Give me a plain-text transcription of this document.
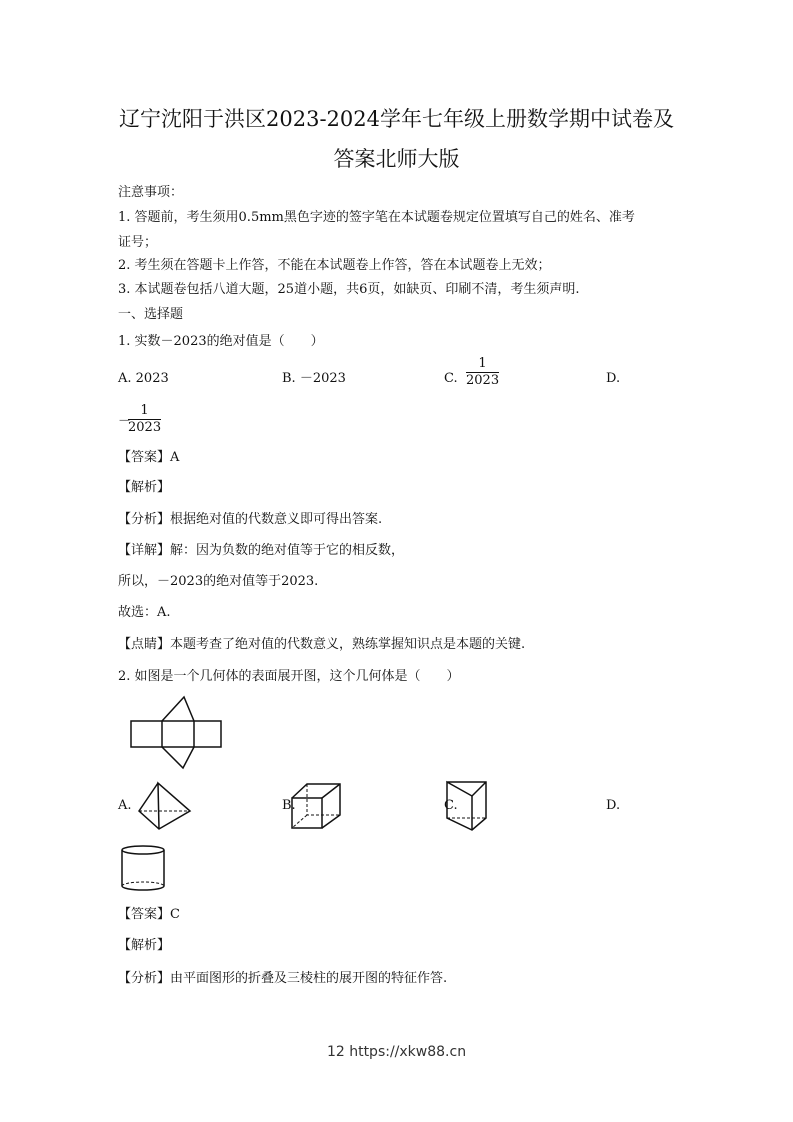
辽宁沈阳于洪区2023-2024学年七年级上册数学期中试卷及
答案北师大版
注意事项：
1. 答题前，考生须用0.5mm黑色字迹的签字笔在本试题卷规定位置填写自己的姓名、准考
证号；
2. 考生须在答题卡上作答，不能在本试题卷上作答，答在本试题卷上无效；
3. 本试题卷包括八道大题，25道小题，共6页，如缺页、印刷不清，考生须声明.
一、选择题
1. 实数－2023的绝对值是（　　）
A. 2023	B. －2023	C. $\frac{1}{2023}$	D.
－
$\frac{1}{2023}$
【答案】A
【解析】
【分析】根据绝对值的代数意义即可得出答案.
【详解】解：因为负数的绝对值等于它的相反数，
所以，－2023的绝对值等于2023.
故选：A.
【点睛】本题考查了绝对值的代数意义，熟练掌握知识点是本题的关键.
2. 如图是一个几何体的表面展开图，这个几何体是（　　）
A.	B.	C.	D.
【答案】C
【解析】
【分析】由平面图形的折叠及三棱柱的展开图的特征作答.
12 https://xkw88.cn
